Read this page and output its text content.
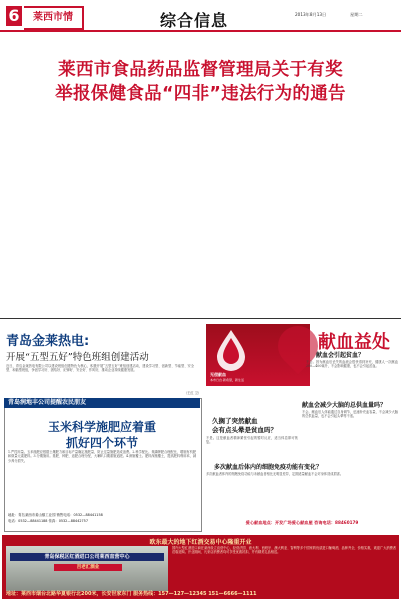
6	莱西市情	综合信息	2013年8月13日	星期二
莱西市食品药品监督管理局关于有奖
举报保健食品“四非”违法行为的通告
青岛金莱热电:
开展“五型五好”特色班组创建活动
近日，青岛金莱热电有限公司以建设班组创建特色为核心，积极开展“五型五好”班组创建活动，建设学习型、创新型、节能型、安全型、和谐型班组，争创学习好、团结好、纪律好、安全好、作风好，推动企业持续健康发展。
（王红 卫）
青岛润地丰公司提醒农民朋友
玉米科学施肥应着重
抓好四个环节
1.严控用量。玉米施肥应根据土壤肥力和目标产量确定施肥量，防止过量施肥造成浪费。2.科学配比。氮磷钾肥合理配比，增施有机肥和微量元素肥料。3.分期施用。基肥、种肥、追肥合理分配，大喇叭口期重施追肥。4.深施覆土。肥料深施覆土，提高肥料利用率，减少养分损失。
地址：青岛莱西市姜山镇工业园 销售电话：0532—88441158
电话：0532—88441188 传真：0532—88442757
无偿献血
本市日自·新希望，新生活
献血益处
献血会引起贫血？
不会。因为献血后丢失的血液会很快得到补充，健康人一次献血200—400毫升，不会影响健康，也不会引起贫血。
献血会减少大脑的总供血量吗？
不会。献血后人体能通过自身调节，迅速补充血容量，不会减少大脑的总供血量，也不会引起头晕等不适。
久搁了突然献血
会有点头晕是贫血吗？
不是。这是献血者精神紧张引起的暂时反应，适当休息即可恢复。
多次献血后体内的细胞免疫功能有变化？
多次献血者体内的细胞免疫功能与未献血者相比无明显差异，定期适量献血不会对身体造成损害。
爱心献血地点：开发广场爱心献血屋 咨询电话：88460179
欧东最大的地下红酒交易中心隆重开业
青岛保税区红酒进口公司莱西直营中心
百老汇酒业
国内大型红酒进口商在莱西设立直营中心，经营法国、意大利、西班牙、澳大利亚、智利等多个国家的优质进口葡萄酒，品种齐全，价格实惠，欢迎广大消费者莅临选购。开业期间，凡来店消费者均可享受优惠折扣，并有精美礼品相送。
地址：莱西市烟台北路华夏银行北200米，长安世家东门 服务热线：157—127—12345 151—6666—1111
